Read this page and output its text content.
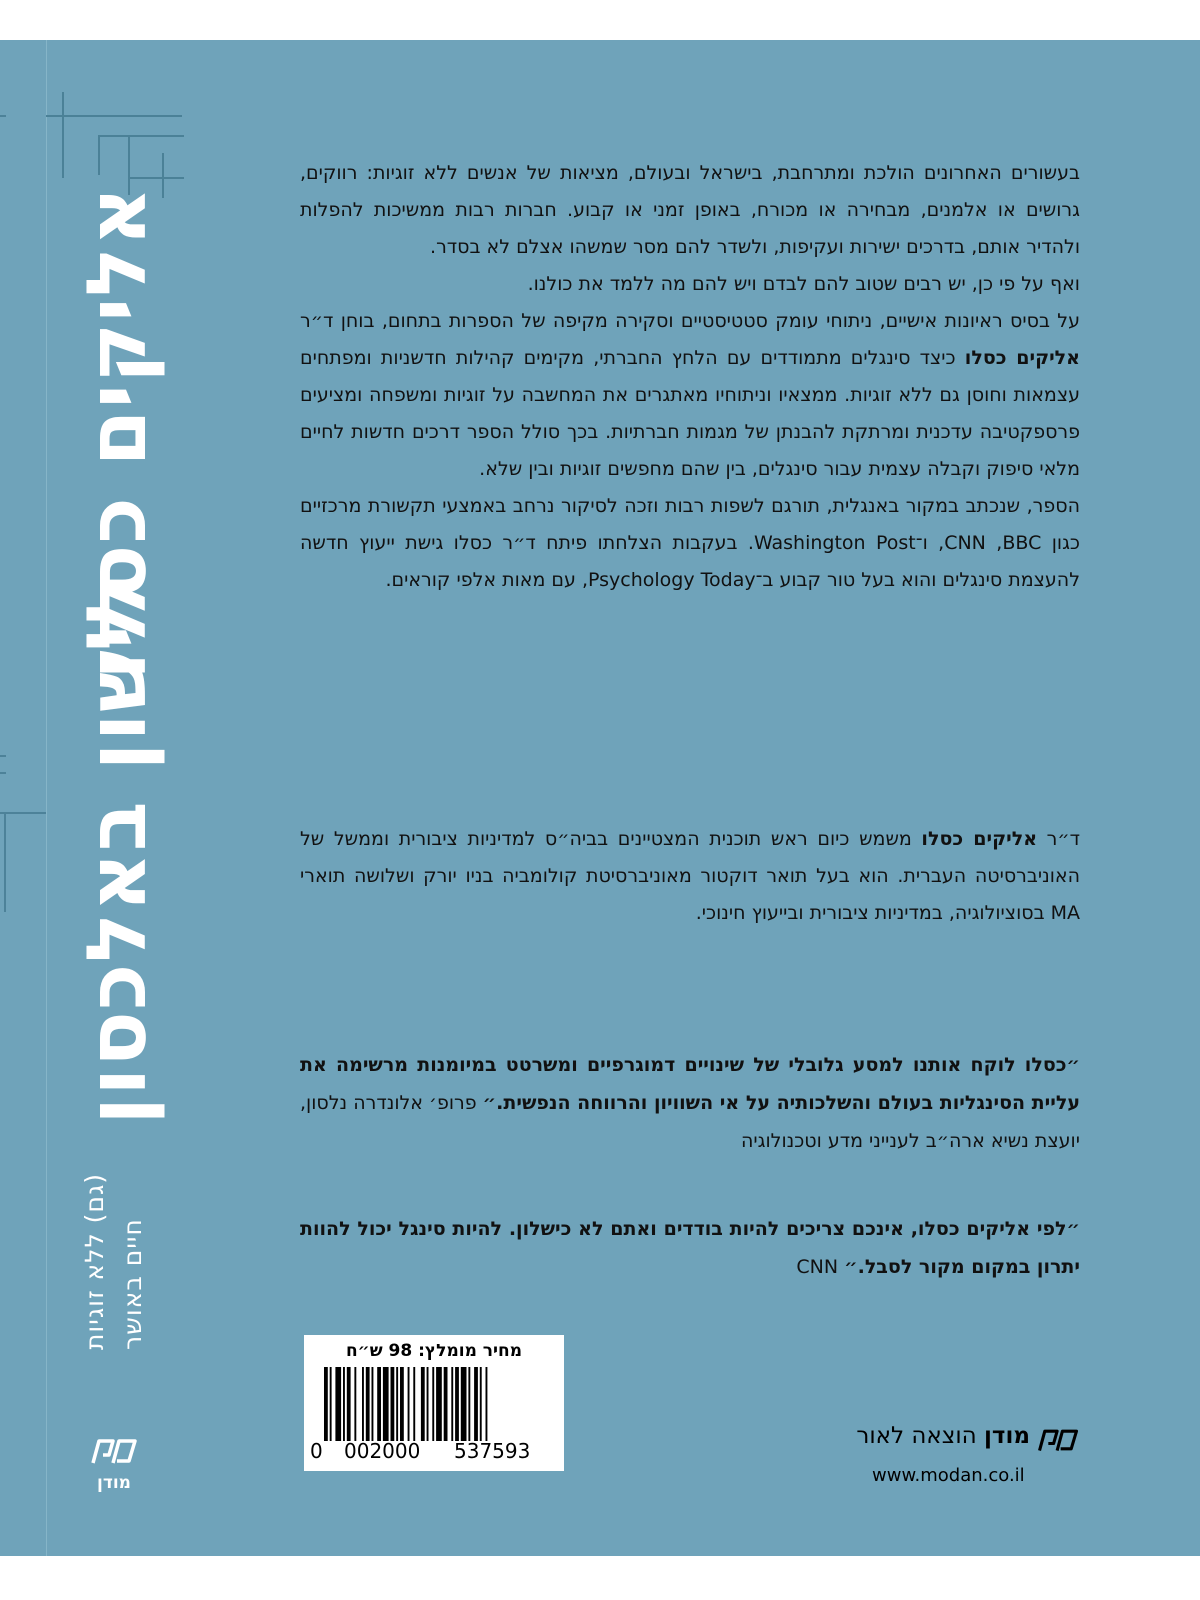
אליקים כסלו
לישון באלכסון
חיים באושר
(גם) ללא זוגיות
מודן

בעשורים האחרונים הולכת ומתרחבת, בישראל ובעולם, מציאות של אנשים ללא זוגיות: רווקים, גרושים או אלמנים, מבחירה או מכורח, באופן זמני או קבוע. חברות רבות ממשיכות להפלות ולהדיר אותם, בדרכים ישירות ועקיפות, ולשדר להם מסר שמשהו אצלם לא בסדר.

ואף על פי כן, יש רבים שטוב להם לבדם ויש להם מה ללמד את כולנו.

על בסיס ראיונות אישיים, ניתוחי עומק סטטיסטיים וסקירה מקיפה של הספרות בתחום, בוחן ד״ר אליקים כסלו כיצד סינגלים מתמודדים עם הלחץ החברתי, מקימים קהילות חדשניות ומפתחים עצמאות וחוסן גם ללא זוגיות. ממצאיו וניתוחיו מאתגרים את המחשבה על זוגיות ומשפחה ומציעים פרספקטיבה עדכנית ומרתקת להבנתן של מגמות חברתיות. בכך סולל הספר דרכים חדשות לחיים מלאי סיפוק וקבלה עצמית עבור סינגלים, בין שהם מחפשים זוגיות ובין שלא.

הספר, שנכתב במקור באנגלית, תורגם לשפות רבות וזכה לסיקור נרחב באמצעי תקשורת מרכזיים כגון BBC‏, CNN, ו־Washington Post. בעקבות הצלחתו פיתח ד״ר כסלו גישת ייעוץ חדשה להעצמת סינגלים והוא בעל טור קבוע ב־Psychology Today, עם מאות אלפי קוראים.

ד״ר אליקים כסלו משמש כיום ראש תוכנית המצטיינים בביה״ס למדיניות ציבורית וממשל של האוניברסיטה העברית. הוא בעל תואר דוקטור מאוניברסיטת קולומביה בניו יורק ושלושה תוארי MA בסוציולוגיה, במדיניות ציבורית ובייעוץ חינוכי.

״כסלו לוקח אותנו למסע גלובלי של שינויים דמוגרפיים ומשרטט במיומנות מרשימה את עליית הסינגליות בעולם והשלכותיה על אי השוויון והרווחה הנפשית.״ פרופ׳ אלונדרה נלסון, יועצת נשיא ארה״ב לענייני מדע וטכנולוגיה

״לפי אליקים כסלו, אינכם צריכים להיות בודדים ואתם לא כישלון. להיות סינגל יכול להוות יתרון במקום מקור לסבל.״ CNN

מחיר מומלץ: 98 ש״ח
0 002000 537593
מודן הוצאה לאור
www.modan.co.il
